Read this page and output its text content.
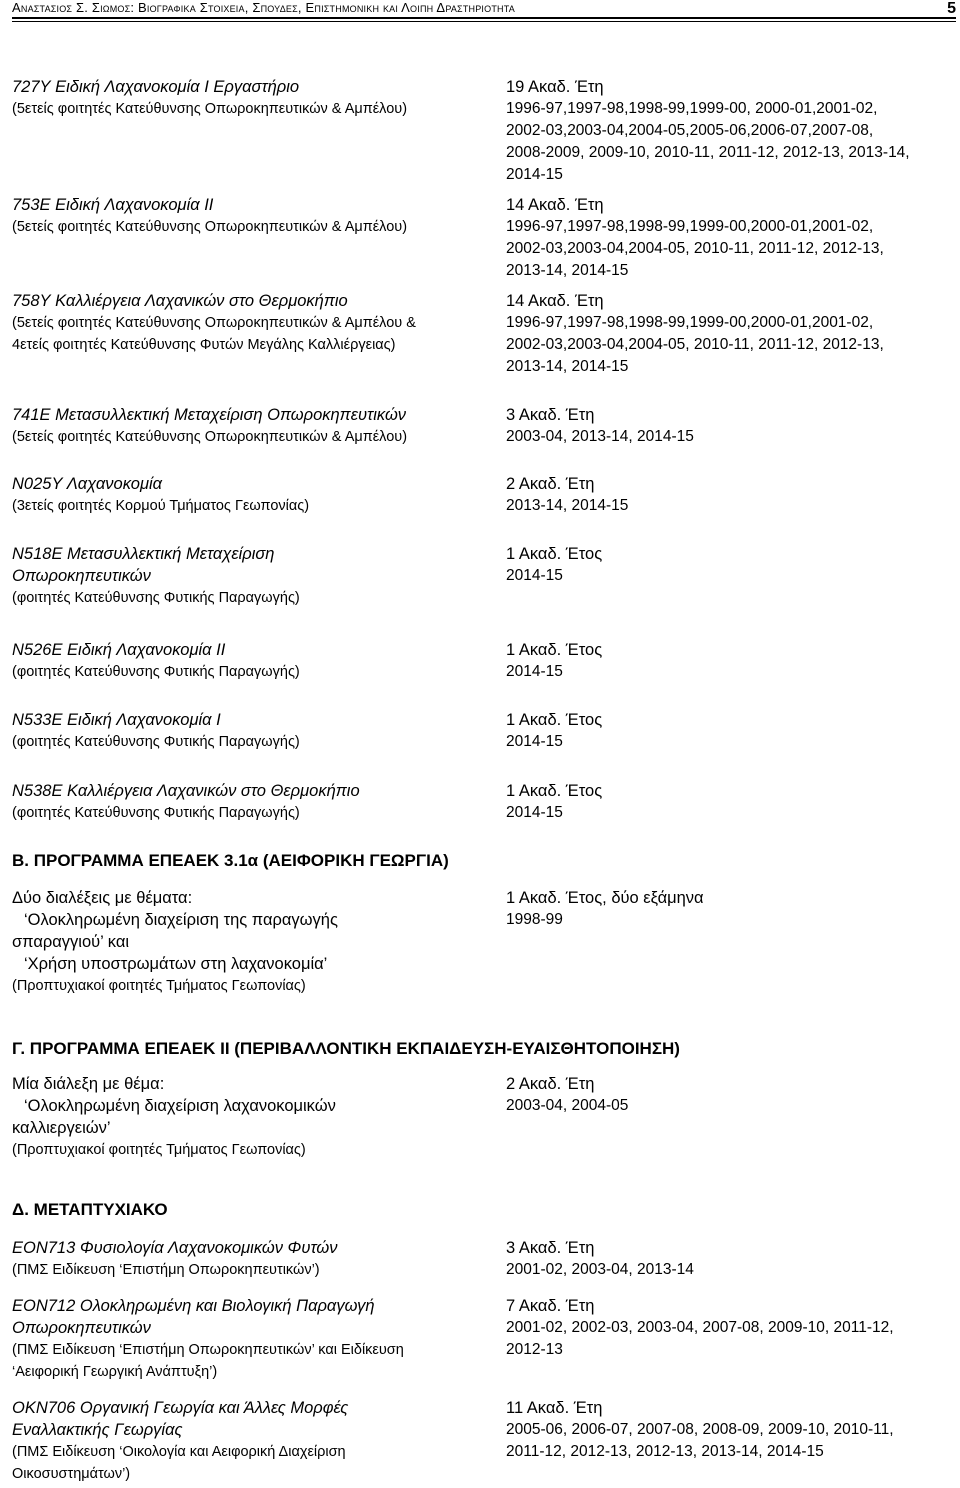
Αναστασιος Σ. Σιωμος: Βιογραφικα Στοιχεια, Σπουδες, Επιστημονικη και Λοιπη Δραστηριοτητα	5
727Υ Ειδική Λαχανοκομία Ι Εργαστήριο
(5ετείς φοιτητές Κατεύθυνσης Οπωροκηπευτικών & Αμπέλου)
19 Ακαδ. Έτη
1996-97,1997-98,1998-99,1999-00, 2000-01,2001-02,
2002-03,2003-04,2004-05,2005-06,2006-07,2007-08,
2008-2009, 2009-10, 2010-11, 2011-12, 2012-13, 2013-14,
2014-15
753Ε Ειδική Λαχανοκομία ΙΙ
(5ετείς φοιτητές Κατεύθυνσης Οπωροκηπευτικών & Αμπέλου)
14 Ακαδ. Έτη
1996-97,1997-98,1998-99,1999-00,2000-01,2001-02,
2002-03,2003-04,2004-05, 2010-11, 2011-12, 2012-13,
2013-14, 2014-15
758Υ Καλλιέργεια Λαχανικών στο Θερμοκήπιο
(5ετείς φοιτητές Κατεύθυνσης Οπωροκηπευτικών & Αμπέλου &
4ετείς φοιτητές Κατεύθυνσης Φυτών Μεγάλης Καλλιέργειας)
14 Ακαδ. Έτη
1996-97,1997-98,1998-99,1999-00,2000-01,2001-02,
2002-03,2003-04,2004-05, 2010-11, 2011-12, 2012-13,
2013-14, 2014-15
741Ε Μετασυλλεκτική Μεταχείριση Οπωροκηπευτικών
(5ετείς φοιτητές Κατεύθυνσης Οπωροκηπευτικών & Αμπέλου)
3 Ακαδ. Έτη
2003-04, 2013-14, 2014-15
Ν025Υ Λαχανοκομία
(3ετείς φοιτητές Κορμού Τμήματος Γεωπονίας)
2 Ακαδ. Έτη
2013-14, 2014-15
Ν518Ε Μετασυλλεκτική Μεταχείριση
Οπωροκηπευτικών
(φοιτητές Κατεύθυνσης Φυτικής Παραγωγής)
1 Ακαδ. Έτος
2014-15
Ν526Ε Ειδική Λαχανοκομία ΙΙ
(φοιτητές Κατεύθυνσης Φυτικής Παραγωγής)
1 Ακαδ. Έτος
2014-15
Ν533Ε Ειδική Λαχανοκομία Ι
(φοιτητές Κατεύθυνσης Φυτικής Παραγωγής)
1 Ακαδ. Έτος
2014-15
Ν538Ε Καλλιέργεια Λαχανικών στο Θερμοκήπιο
(φοιτητές Κατεύθυνσης Φυτικής Παραγωγής)
1 Ακαδ. Έτος
2014-15
Β. ΠΡΟΓΡΑΜΜΑ ΕΠΕΑΕΚ 3.1α (ΑΕΙΦΟΡΙΚΗ ΓΕΩΡΓΙΑ)
Δύο διαλέξεις με θέματα:
‘Ολοκληρωμένη διαχείριση της παραγωγής
σπαραγγιού’ και
‘Χρήση υποστρωμάτων στη λαχανοκομία’
(Προπτυχιακοί φοιτητές Τμήματος Γεωπονίας)
1 Ακαδ. Έτος, δύο εξάμηνα
1998-99
Γ. ΠΡΟΓΡΑΜΜΑ ΕΠΕΑΕΚ ΙΙ (ΠΕΡΙΒΑΛΛΟΝΤΙΚΗ ΕΚΠΑΙΔΕΥΣΗ-ΕΥΑΙΣΘΗΤΟΠΟΙΗΣΗ)
Μία διάλεξη με θέμα:
‘Ολοκληρωμένη διαχείριση λαχανοκομικών
καλλιεργειών’
(Προπτυχιακοί φοιτητές Τμήματος Γεωπονίας)
2 Ακαδ. Έτη
2003-04, 2004-05
Δ. ΜΕΤΑΠΤΥΧΙΑΚΟ
ΕΟΝ713 Φυσιολογία Λαχανοκομικών Φυτών
(ΠΜΣ Ειδίκευση ‘Επιστήμη Οπωροκηπευτικών’)
3 Ακαδ. Έτη
2001-02, 2003-04, 2013-14
ΕΟΝ712 Ολοκληρωμένη και Βιολογική Παραγωγή
Οπωροκηπευτικών
(ΠΜΣ Ειδίκευση ‘Επιστήμη Οπωροκηπευτικών’ και Ειδίκευση
‘Αειφορική Γεωργική Ανάπτυξη’)
7 Ακαδ. Έτη
2001-02, 2002-03, 2003-04, 2007-08, 2009-10, 2011-12,
2012-13
ΟΚΝ706 Οργανική Γεωργία και Άλλες Μορφές
Εναλλακτικής Γεωργίας
(ΠΜΣ Ειδίκευση ‘Οικολογία και Αειφορική Διαχείριση
Οικοσυστημάτων’)
11 Ακαδ. Έτη
2005-06, 2006-07, 2007-08, 2008-09, 2009-10, 2010-11,
2011-12, 2012-13, 2012-13, 2013-14, 2014-15
